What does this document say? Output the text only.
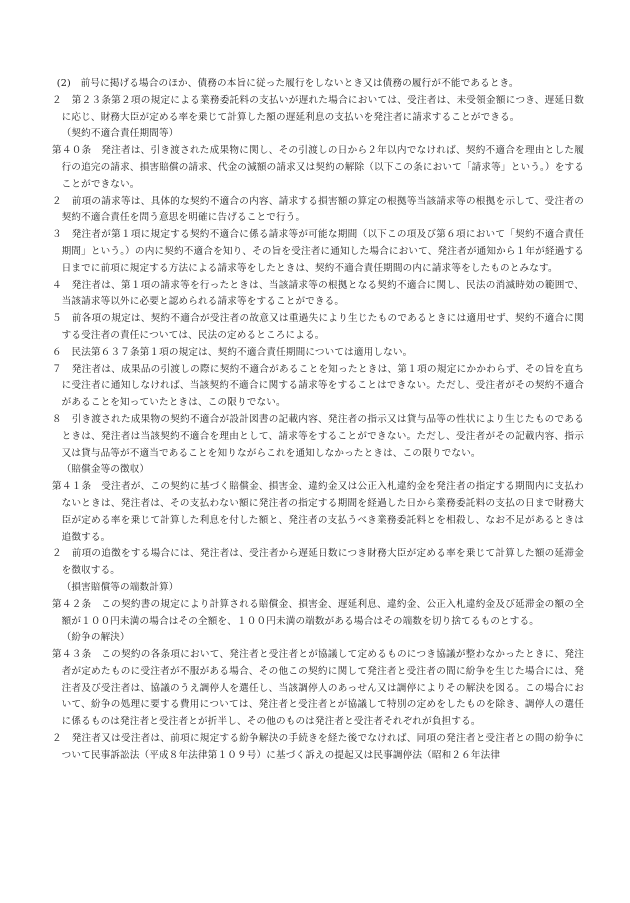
(2)　前号に掲げる場合のほか、債務の本旨に従った履行をしないとき又は債務の履行が不能であるとき。

２　第２３条第２項の規定による業務委託料の支払いが遅れた場合においては、受注者は、未受領金額につき、遅延日数に応じ、財務大臣が定める率を乗じて計算した額の遅延利息の支払いを発注者に請求することができる。

（契約不適合責任期間等）

第４０条　発注者は、引き渡された成果物に関し、その引渡しの日から２年以内でなければ、契約不適合を理由とした履行の追完の請求、損害賠償の請求、代金の減額の請求又は契約の解除（以下この条において「請求等」という。）をすることができない。

２　前項の請求等は、具体的な契約不適合の内容、請求する損害額の算定の根拠等当該請求等の根拠を示して、受注者の契約不適合責任を問う意思を明確に告げることで行う。

３　発注者が第１項に規定する契約不適合に係る請求等が可能な期間（以下この項及び第６項において「契約不適合責任期間」という。）の内に契約不適合を知り、その旨を受注者に通知した場合において、発注者が通知から１年が経過する日までに前項に規定する方法による請求等をしたときは、契約不適合責任期間の内に請求等をしたものとみなす。

４　発注者は、第１項の請求等を行ったときは、当該請求等の根拠となる契約不適合に関し、民法の消滅時効の範囲で、当該請求等以外に必要と認められる請求等をすることができる。

５　前各項の規定は、契約不適合が受注者の故意又は重過失により生じたものであるときには適用せず、契約不適合に関する受注者の責任については、民法の定めるところによる。

６　民法第６３７条第１項の規定は、契約不適合責任期間については適用しない。

７　発注者は、成果品の引渡しの際に契約不適合があることを知ったときは、第１項の規定にかかわらず、その旨を直ちに受注者に通知しなければ、当該契約不適合に関する請求等をすることはできない。ただし、受注者がその契約不適合があることを知っていたときは、この限りでない。

８　引き渡された成果物の契約不適合が設計図書の記載内容、発注者の指示又は貸与品等の性状により生じたものであるときは、発注者は当該契約不適合を理由として、請求等をすることができない。ただし、受注者がその記載内容、指示又は貸与品等が不適当であることを知りながらこれを通知しなかったときは、この限りでない。

（賠償金等の徴収）

第４１条　受注者が、この契約に基づく賠償金、損害金、違約金又は公正入札違約金を発注者の指定する期間内に支払わないときは、発注者は、その支払わない額に発注者の指定する期間を経過した日から業務委託料の支払の日まで財務大臣が定める率を乗じて計算した利息を付した額と、発注者の支払うべき業務委託料とを相殺し、なお不足があるときは追徴する。

２　前項の追徴をする場合には、発注者は、受注者から遅延日数につき財務大臣が定める率を乗じて計算した額の延滞金を徴収する。

（損害賠償等の端数計算）

第４２条　この契約書の規定により計算される賠償金、損害金、遅延利息、違約金、公正入札違約金及び延滞金の額の全額が１００円未満の場合はその全額を、１００円未満の端数がある場合はその端数を切り捨てるものとする。

（紛争の解決）

第４３条　この契約の各条項において、発注者と受注者とが協議して定めるものにつき協議が整わなかったときに、発注者が定めたものに受注者が不服がある場合、その他この契約に関して発注者と受注者の間に紛争を生じた場合には、発注者及び受注者は、協議のうえ調停人を選任し、当該調停人のあっせん又は調停によりその解決を図る。この場合において、紛争の処理に要する費用については、発注者と受注者とが協議して特別の定めをしたものを除き、調停人の選任に係るものは発注者と受注者とが折半し、その他のものは発注者と受注者それぞれが負担する。

２　発注者又は受注者は、前項に規定する紛争解決の手続きを経た後でなければ、同項の発注者と受注者との間の紛争について民事訴訟法（平成８年法律第１０９号）に基づく訴えの提起又は民事調停法（昭和２６年法律
